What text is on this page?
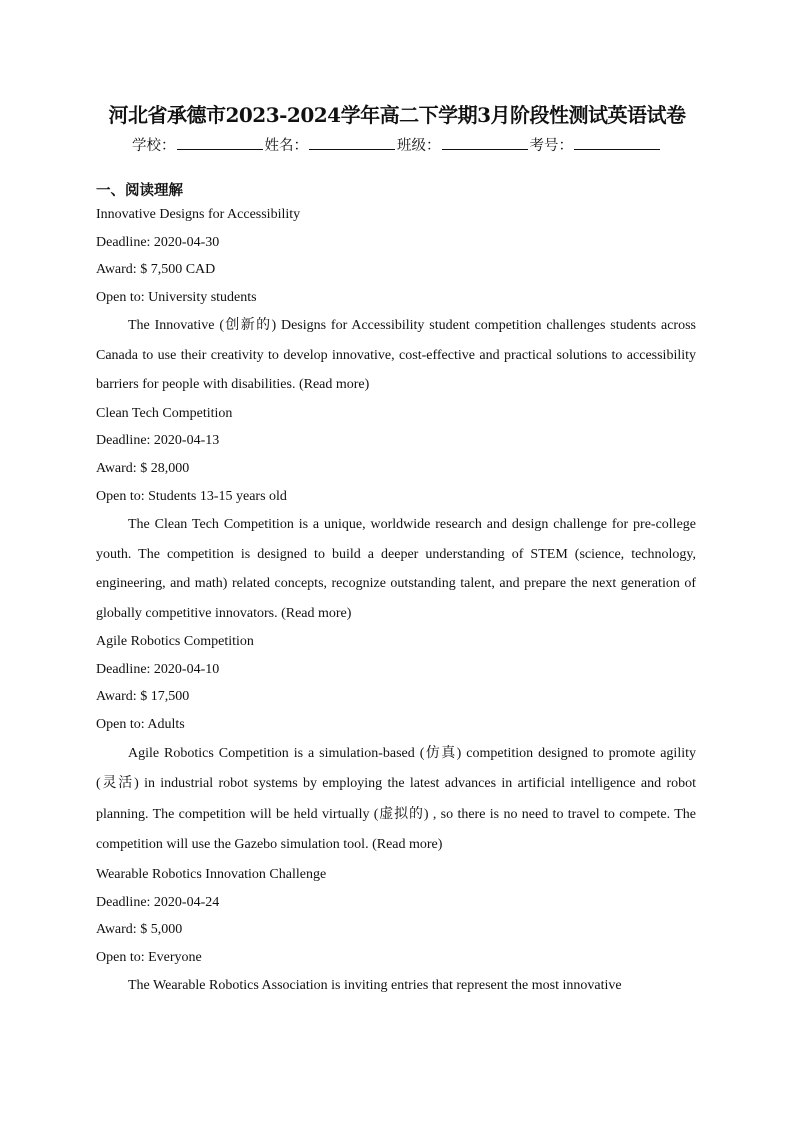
河北省承德市2023-2024学年高二下学期3月阶段性测试英语试卷
学校：	姓名：	班级：	考号：
一、阅读理解
Innovative Designs for Accessibility
Deadline: 2020-04-30
Award: $ 7,500 CAD
Open to: University students

The Innovative (创新的) Designs for Accessibility student competition challenges students across Canada to use their creativity to develop innovative, cost-effective and practical solutions to accessibility barriers for people with disabilities. (Read more)

Clean Tech Competition
Deadline: 2020-04-13
Award: $ 28,000
Open to: Students 13-15 years old

The Clean Tech Competition is a unique, worldwide research and design challenge for pre-college youth. The competition is designed to build a deeper understanding of STEM (science, technology, engineering, and math) related concepts, recognize outstanding talent, and prepare the next generation of globally competitive innovators. (Read more)

Agile Robotics Competition
Deadline: 2020-04-10
Award: $ 17,500
Open to: Adults

Agile Robotics Competition is a simulation-based (仿真) competition designed to promote agility (灵活) in industrial robot systems by employing the latest advances in artificial intelligence and robot planning. The competition will be held virtually (虚拟的) , so there is no need to travel to compete. The competition will use the Gazebo simulation tool. (Read more)

Wearable Robotics Innovation Challenge
Deadline: 2020-04-24
Award: $ 5,000
Open to: Everyone

The Wearable Robotics Association is inviting entries that represent the most innovative
